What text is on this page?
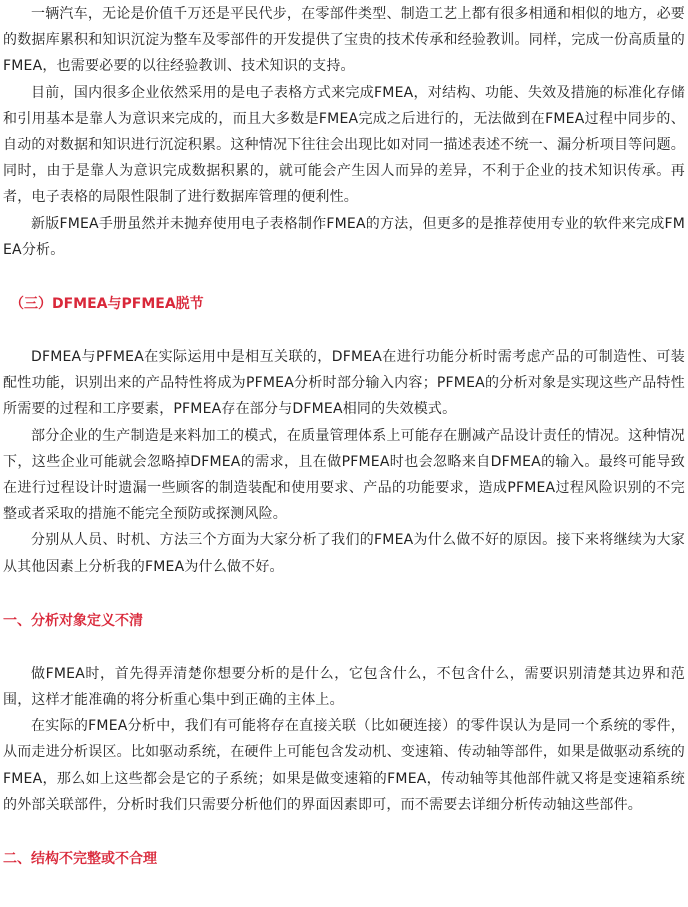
一辆汽车，无论是价值千万还是平民代步，在零部件类型、制造工艺上都有很多相通和相似的地方，必要的数据库累积和知识沉淀为整车及零部件的开发提供了宝贵的技术传承和经验教训。同样，完成一份高质量的FMEA，也需要必要的以往经验教训、技术知识的支持。

目前，国内很多企业依然采用的是电子表格方式来完成FMEA，对结构、功能、失效及措施的标准化存储和引用基本是靠人为意识来完成的，而且大多数是FMEA完成之后进行的，无法做到在FMEA过程中同步的、自动的对数据和知识进行沉淀积累。这种情况下往往会出现比如对同一描述表述不统一、漏分析项目等问题。同时，由于是靠人为意识完成数据积累的，就可能会产生因人而异的差异，不利于企业的技术知识传承。再者，电子表格的局限性限制了进行数据库管理的便利性。

新版FMEA手册虽然并未抛弃使用电子表格制作FMEA的方法，但更多的是推荐使用专业的软件来完成FMEA分析。

（三）DFMEA与PFMEA脱节

DFMEA与PFMEA在实际运用中是相互关联的，DFMEA在进行功能分析时需考虑产品的可制造性、可装配性功能，识别出来的产品特性将成为PFMEA分析时部分输入内容；PFMEA的分析对象是实现这些产品特性所需要的过程和工序要素，PFMEA存在部分与DFMEA相同的失效模式。

部分企业的生产制造是来料加工的模式，在质量管理体系上可能存在删减产品设计责任的情况。这种情况下，这些企业可能就会忽略掉DFMEA的需求，且在做PFMEA时也会忽略来自DFMEA的输入。最终可能导致在进行过程设计时遗漏一些顾客的制造装配和使用要求、产品的功能要求，造成PFMEA过程风险识别的不完整或者采取的措施不能完全预防或探测风险。

分别从人员、时机、方法三个方面为大家分析了我们的FMEA为什么做不好的原因。接下来将继续为大家从其他因素上分析我的FMEA为什么做不好。

一、分析对象定义不清

做FMEA时，首先得弄清楚你想要分析的是什么，它包含什么，不包含什么，需要识别清楚其边界和范围，这样才能准确的将分析重心集中到正确的主体上。

在实际的FMEA分析中，我们有可能将存在直接关联（比如硬连接）的零件误认为是同一个系统的零件，从而走进分析误区。比如驱动系统，在硬件上可能包含发动机、变速箱、传动轴等部件，如果是做驱动系统的FMEA，那么如上这些都会是它的子系统；如果是做变速箱的FMEA，传动轴等其他部件就又将是变速箱系统的外部关联部件，分析时我们只需要分析他们的界面因素即可，而不需要去详细分析传动轴这些部件。

二、结构不完整或不合理
